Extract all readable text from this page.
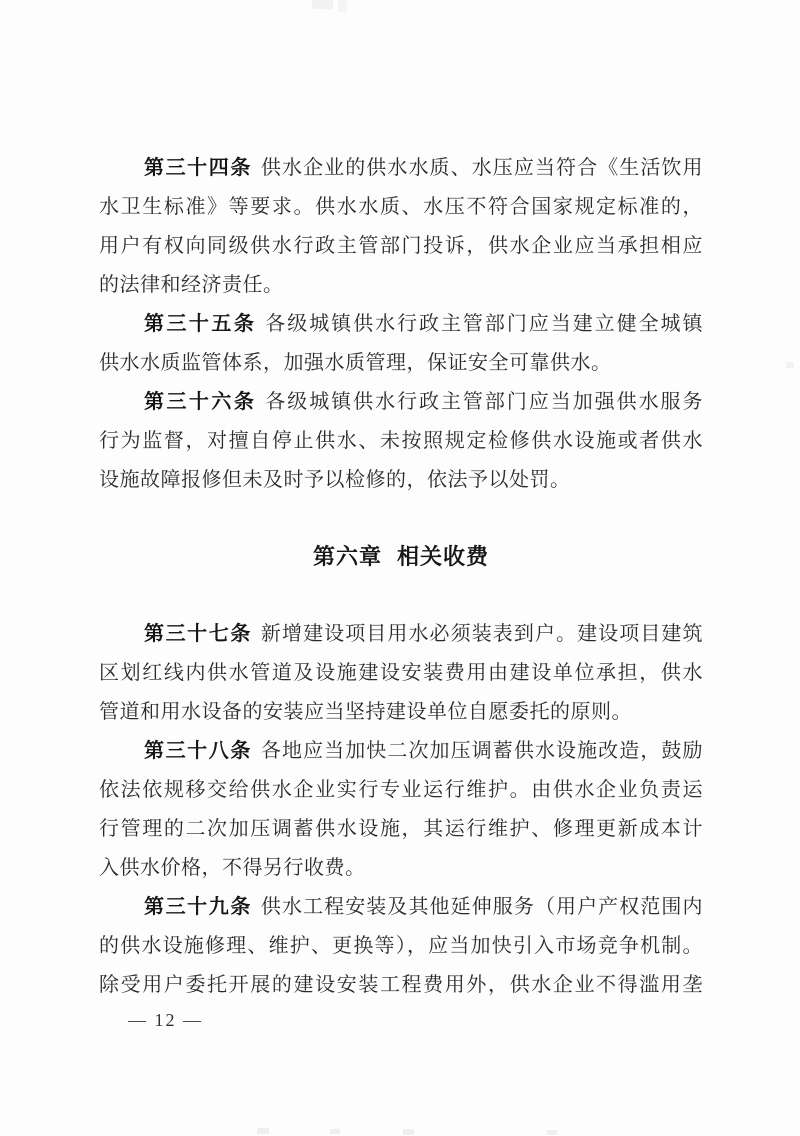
第三十四条 供水企业的供水水质、水压应当符合《生活饮用
水卫生标准》等要求。供水水质、水压不符合国家规定标准的，
用户有权向同级供水行政主管部门投诉，供水企业应当承担相应
的法律和经济责任。
第三十五条 各级城镇供水行政主管部门应当建立健全城镇
供水水质监管体系，加强水质管理，保证安全可靠供水。
第三十六条 各级城镇供水行政主管部门应当加强供水服务
行为监督，对擅自停止供水、未按照规定检修供水设施或者供水
设施故障报修但未及时予以检修的，依法予以处罚。
第六章 相关收费
第三十七条 新增建设项目用水必须装表到户。建设项目建筑
区划红线内供水管道及设施建设安装费用由建设单位承担，供水
管道和用水设备的安装应当坚持建设单位自愿委托的原则。
第三十八条 各地应当加快二次加压调蓄供水设施改造，鼓励
依法依规移交给供水企业实行专业运行维护。由供水企业负责运
行管理的二次加压调蓄供水设施，其运行维护、修理更新成本计
入供水价格，不得另行收费。
第三十九条 供水工程安装及其他延伸服务（用户产权范围内
的供水设施修理、维护、更换等），应当加快引入市场竞争机制。
除受用户委托开展的建设安装工程费用外，供水企业不得滥用垄
— 12 —
